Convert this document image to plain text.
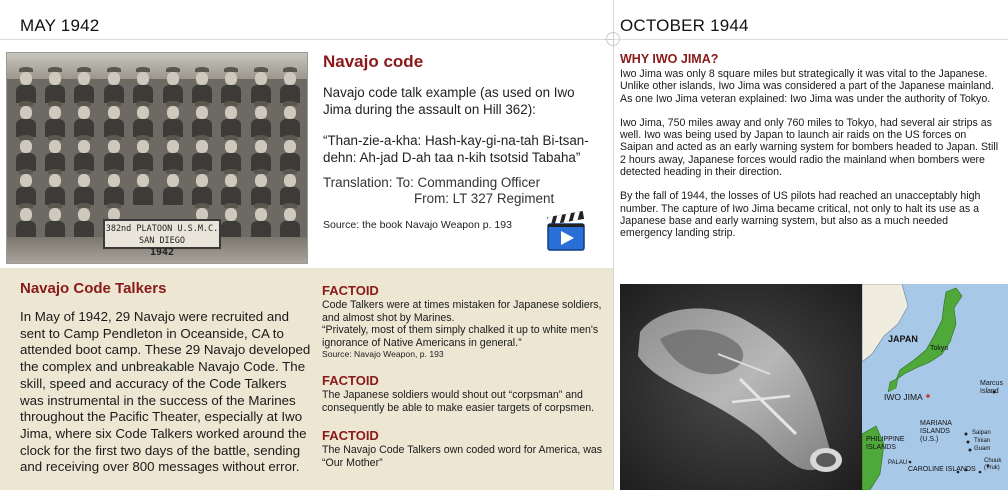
MAY 1942
382nd PLATOON U.S.M.C. SAN DIEGO
1942
Navajo code

Navajo code talk example (as used on Iwo Jima during the assault on Hill 362):

“Than-zie-a-kha: Hash-kay-gi-na-tah Bi-tsan-dehn: Ah-jad D-ah taa n-kih tsotsid Tabaha”

Translation: To: Commanding Officer
From: LT 327 Regiment
Source: the book Navajo Weapon p. 193
Navajo Code Talkers
In May of 1942, 29 Navajo were recruited and sent to Camp Pendleton in Oceanside, CA to attended boot camp. These 29 Navajo developed the complex and unbreakable Navajo Code. The skill, speed and accuracy of the Code Talkers was instrumental in the success of the Marines throughout the Pacific Theater, especially at Iwo Jima, where six Code Talkers worked around the clock for the first two days of the battle, sending and receiving over 800 messages without error.
FACTOID
Code Talkers were at times mistaken for Japanese soldiers, and almost shot by Marines.
“Privately, most of them simply chalked it up to white men's ignorance of Native Americans in general.”
Source: Navajo Weapon, p. 193
FACTOID
The Japanese soldiers would shout out “corpsman” and consequently be able to make easier targets of corpsmen.
FACTOID
The Navajo Code Talkers own coded word for America, was “Our Mother”
OCTOBER 1944
WHY IWO JIMA?

Iwo Jima was only 8 square miles but strategically it was vital to the Japanese. Unlike other islands, Iwo Jima was considered a part of the Japanese mainland. As one Iwo Jima veteran explained: Iwo Jima was under the authority of Tokyo.

Iwo Jima, 750 miles away and only 760 miles to Tokyo, had several air strips as well. Iwo was being used by Japan to launch air raids on the US forces on Saipan and acted as an early warning system for bombers headed to Japan. Still 2 hours away, Japanese forces would radio the mainland when bombers were detected heading in their direction.

By the fall of 1944, the losses of US pilots had reached an unacceptably high number. The capture of Iwo Jima became critical, not only to halt its use as a Japanese base and early warning system, but also as a much needed emergency landing strip.

JAPAN
Tokyo
IWO JIMA
Marcus Island
MARIANA ISLANDS (U.S.)
Saipan
Tinian
Guam
PHILIPPINE ISLANDS
PALAU
CAROLINE ISLANDS
Chuuk (Truk)
